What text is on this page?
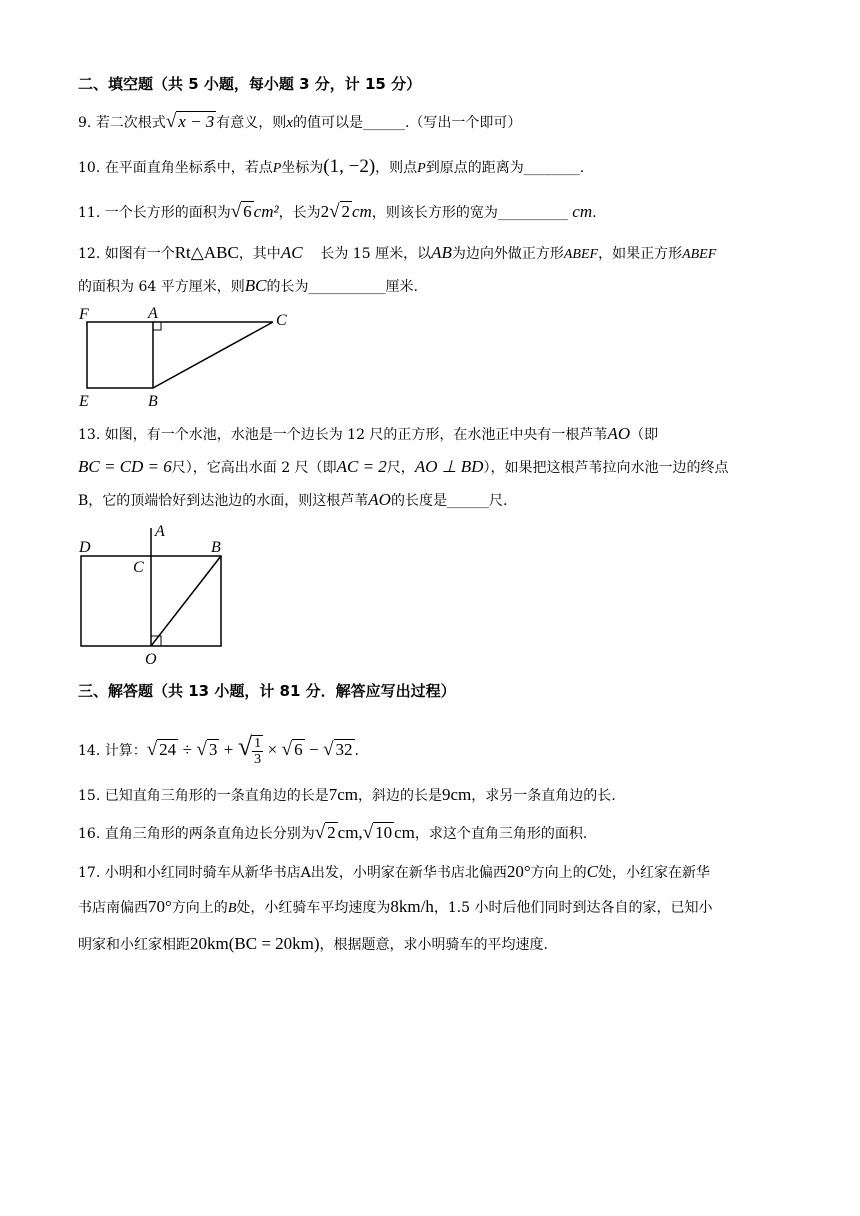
二、填空题（共 5 小题，每小题 3 分，计 15 分）
9. 若二次根式√ x − 3 有意义，则x的值可以是______.（写出一个即可）
10. 在平面直角坐标系中，若点P坐标为(1, −2)，则点P到原点的距离为________.
11. 一个长方形的面积为√ 6 cm²，长为2√ 2 cm，则该长方形的宽为__________ cm.
12. 如图有一个Rt△ABC，其中AC 长为 15 厘米，以AB为边向外做正方形ABEF，如果正方形ABEF
的面积为 64 平方厘米，则BC的长为___________厘米.
F	A	C
E	B
13. 如图，有一个水池，水池是一个边长为 12 尺的正方形，在水池正中央有一根芦苇AO（即
BC = CD = 6尺），它高出水面 2 尺（即AC = 2尺，AO ⊥ BD），如果把这根芦苇拉向水池一边的终点
B，它的顶端恰好到达池边的水面，则这根芦苇AO的长度是______尺.
D
A
B
C
O
三、解答题（共 13 小题，计 81 分．解答应写出过程）
14. 计算：√ 24 ÷ √ 3 + √ $\frac{1}{3}$ × √ 6 − √ 32 .
15. 已知直角三角形的一条直角边的长是7cm，斜边的长是9cm，求另一条直角边的长.
16. 直角三角形的两条直角边长分别为√ 2 cm,√ 10 cm，求这个直角三角形的面积.
17. 小明和小红同时骑车从新华书店A出发，小明家在新华书店北偏西20°方向上的C处，小红家在新华
书店南偏西70°方向上的B处，小红骑车平均速度为8km/h，1.5 小时后他们同时到达各自的家，已知小
明家和小红家相距20km(BC = 20km)，根据题意，求小明骑车的平均速度.
